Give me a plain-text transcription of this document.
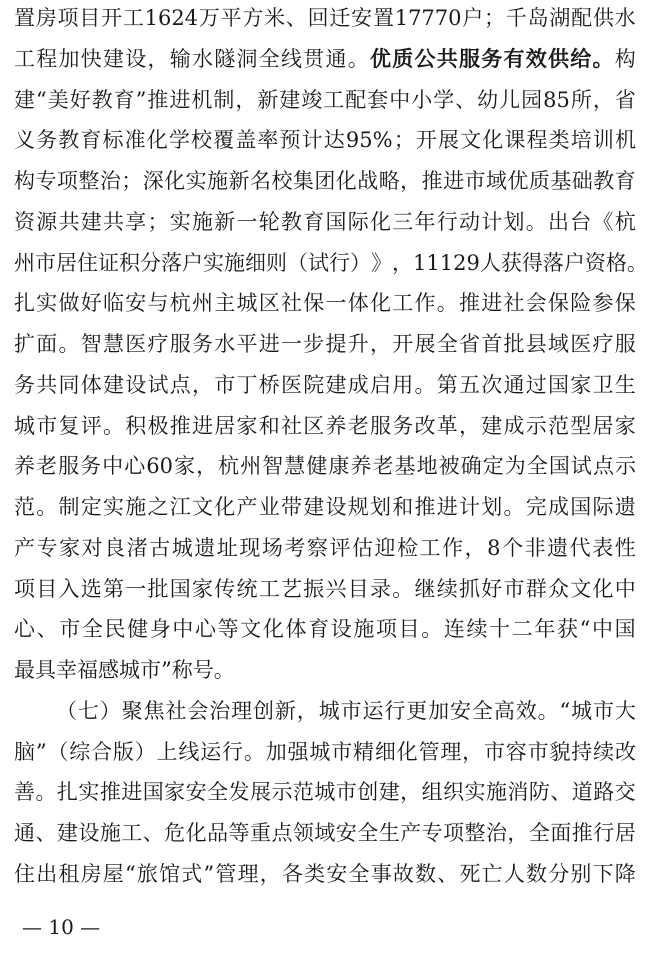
置 房 项 目 开 工 1624 万 平 方 米 、 回 迁 安 置 17770 户 ； 千 岛 湖 配 供 水
工 程 加 快 建 设 ， 输 水 隧 洞 全 线 贯 通 。 优 质 公 共 服 务 有 效 供 给 。 构
建 “ 美 好 教 育 ” 推 进 机 制 ， 新 建 竣 工 配 套 中 小 学 、 幼 儿 园 85 所 ， 省
义 务 教 育 标 准 化 学 校 覆 盖 率 预 计 达 95% ； 开 展 文 化 课 程 类 培 训 机
构 专 项 整 治 ； 深 化 实 施 新 名 校 集 团 化 战 略 ， 推 进 市 域 优 质 基 础 教 育
资 源 共 建 共 享 ； 实 施 新 一 轮 教 育 国 际 化 三 年 行 动 计 划 。 出 台 《 杭
州 市 居 住 证 积 分 落 户 实 施 细 则 （ 试 行 ） 》 ， 11129 人 获 得 落 户 资 格 。
扎 实 做 好 临 安 与 杭 州 主 城 区 社 保 一 体 化 工 作 。 推 进 社 会 保 险 参 保
扩 面 。 智 慧 医 疗 服 务 水 平 进 一 步 提 升 ， 开 展 全 省 首 批 县 域 医 疗 服
务 共 同 体 建 设 试 点 ， 市 丁 桥 医 院 建 成 启 用 。 第 五 次 通 过 国 家 卫 生
城 市 复 评 。 积 极 推 进 居 家 和 社 区 养 老 服 务 改 革 ， 建 成 示 范 型 居 家
养 老 服 务 中 心 60 家 ， 杭 州 智 慧 健 康 养 老 基 地 被 确 定 为 全 国 试 点 示
范 。 制 定 实 施 之 江 文 化 产 业 带 建 设 规 划 和 推 进 计 划 。 完 成 国 际 遗
产 专 家 对 良 渚 古 城 遗 址 现 场 考 察 评 估 迎 检 工 作 ， 8 个 非 遗 代 表 性
项 目 入 选 第 一 批 国 家 传 统 工 艺 振 兴 目 录 。 继 续 抓 好 市 群 众 文 化 中
心 、 市 全 民 健 身 中 心 等 文 化 体 育 设 施 项 目 。 连 续 十 二 年 获 “ 中 国
最 具 幸 福 感 城 市 ” 称 号 。
（ 七 ） 聚 焦 社 会 治 理 创 新 ， 城 市 运 行 更 加 安 全 高 效 。 “ 城 市 大
脑 ” （ 综 合 版 ） 上 线 运 行 。 加 强 城 市 精 细 化 管 理 ， 市 容 市 貌 持 续 改
善 。 扎 实 推 进 国 家 安 全 发 展 示 范 城 市 创 建 ， 组 织 实 施 消 防 、 道 路 交
通 、 建 设 施 工 、 危 化 品 等 重 点 领 域 安 全 生 产 专 项 整 治 ， 全 面 推 行 居
住 出 租 房 屋 “ 旅 馆 式 ” 管 理 ， 各 类 安 全 事 故 数 、 死 亡 人 数 分 别 下 降
— 10 —
